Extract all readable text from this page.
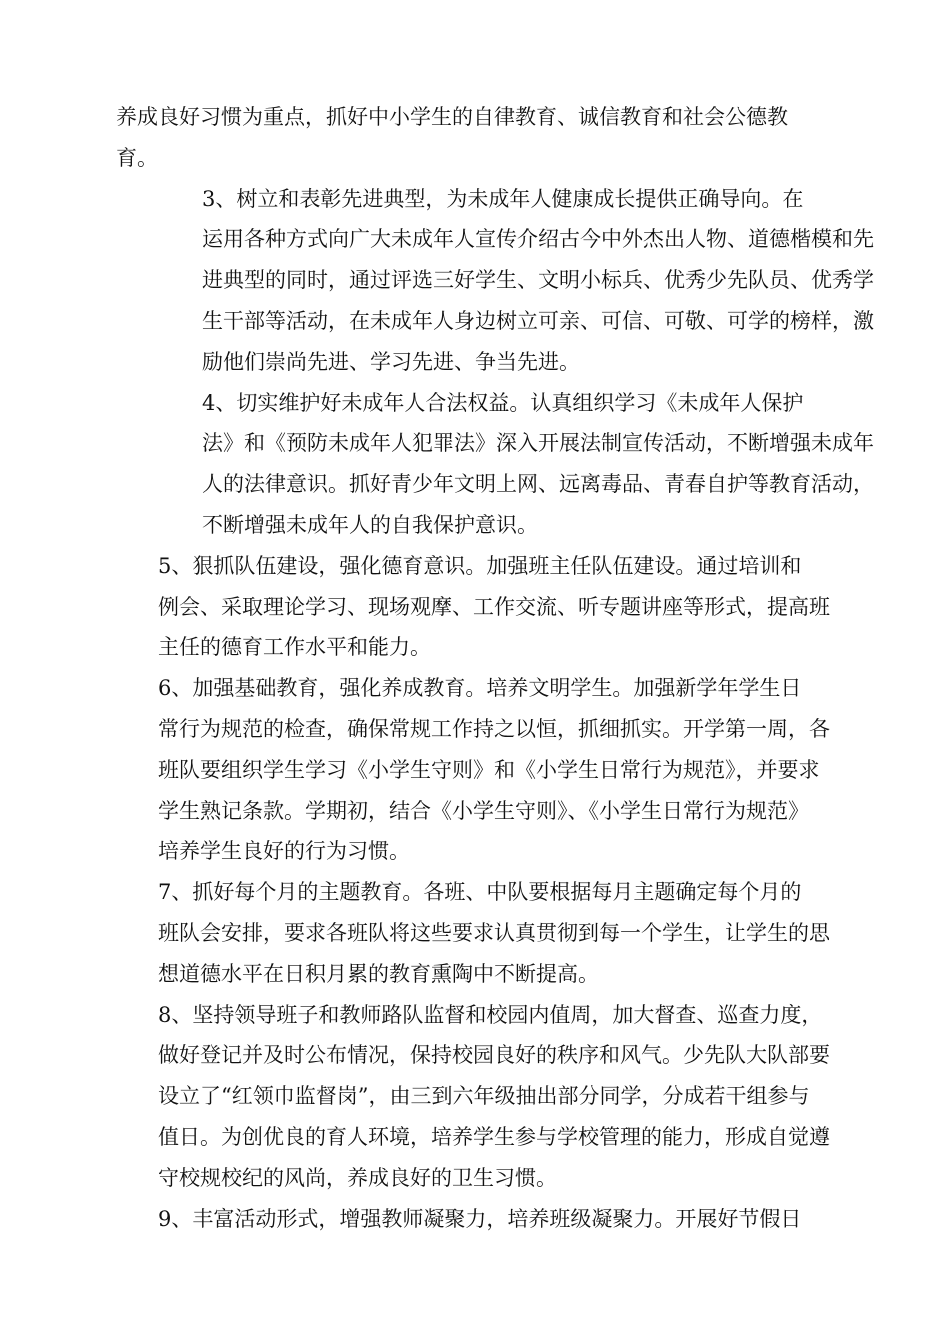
养成良好习惯为重点，抓好中小学生的自律教育、诚信教育和社会公德教
育。
3、树立和表彰先进典型，为未成年人健康成长提供正确导向。在
运用各种方式向广大未成年人宣传介绍古今中外杰出人物、道德楷模和先
进典型的同时，通过评选三好学生、文明小标兵、优秀少先队员、优秀学
生干部等活动，在未成年人身边树立可亲、可信、可敬、可学的榜样，激
励他们崇尚先进、学习先进、争当先进。
4、切实维护好未成年人合法权益。认真组织学习《未成年人保护
法》和《预防未成年人犯罪法》深入开展法制宣传活动，不断增强未成年
人的法律意识。抓好青少年文明上网、远离毒品、青春自护等教育活动，
不断增强未成年人的自我保护意识。
5、狠抓队伍建设，强化德育意识。加强班主任队伍建设。通过培训和
例会、采取理论学习、现场观摩、工作交流、听专题讲座等形式，提高班
主任的德育工作水平和能力。
6、加强基础教育，强化养成教育。培养文明学生。加强新学年学生日
常行为规范的检查，确保常规工作持之以恒，抓细抓实。开学第一周，各
班队要组织学生学习《小学生守则》和《小学生日常行为规范》，并要求
学生熟记条款。学期初，结合《小学生守则》、《小学生日常行为规范》
培养学生良好的行为习惯。
7、抓好每个月的主题教育。各班、中队要根据每月主题确定每个月的
班队会安排，要求各班队将这些要求认真贯彻到每一个学生，让学生的思
想道德水平在日积月累的教育熏陶中不断提高。
8、坚持领导班子和教师路队监督和校园内值周，加大督查、巡查力度，
做好登记并及时公布情况，保持校园良好的秩序和风气。少先队大队部要
设立了“红领巾监督岗”，由三到六年级抽出部分同学，分成若干组参与
值日。为创优良的育人环境，培养学生参与学校管理的能力，形成自觉遵
守校规校纪的风尚，养成良好的卫生习惯。
9、丰富活动形式，增强教师凝聚力，培养班级凝聚力。开展好节假日
